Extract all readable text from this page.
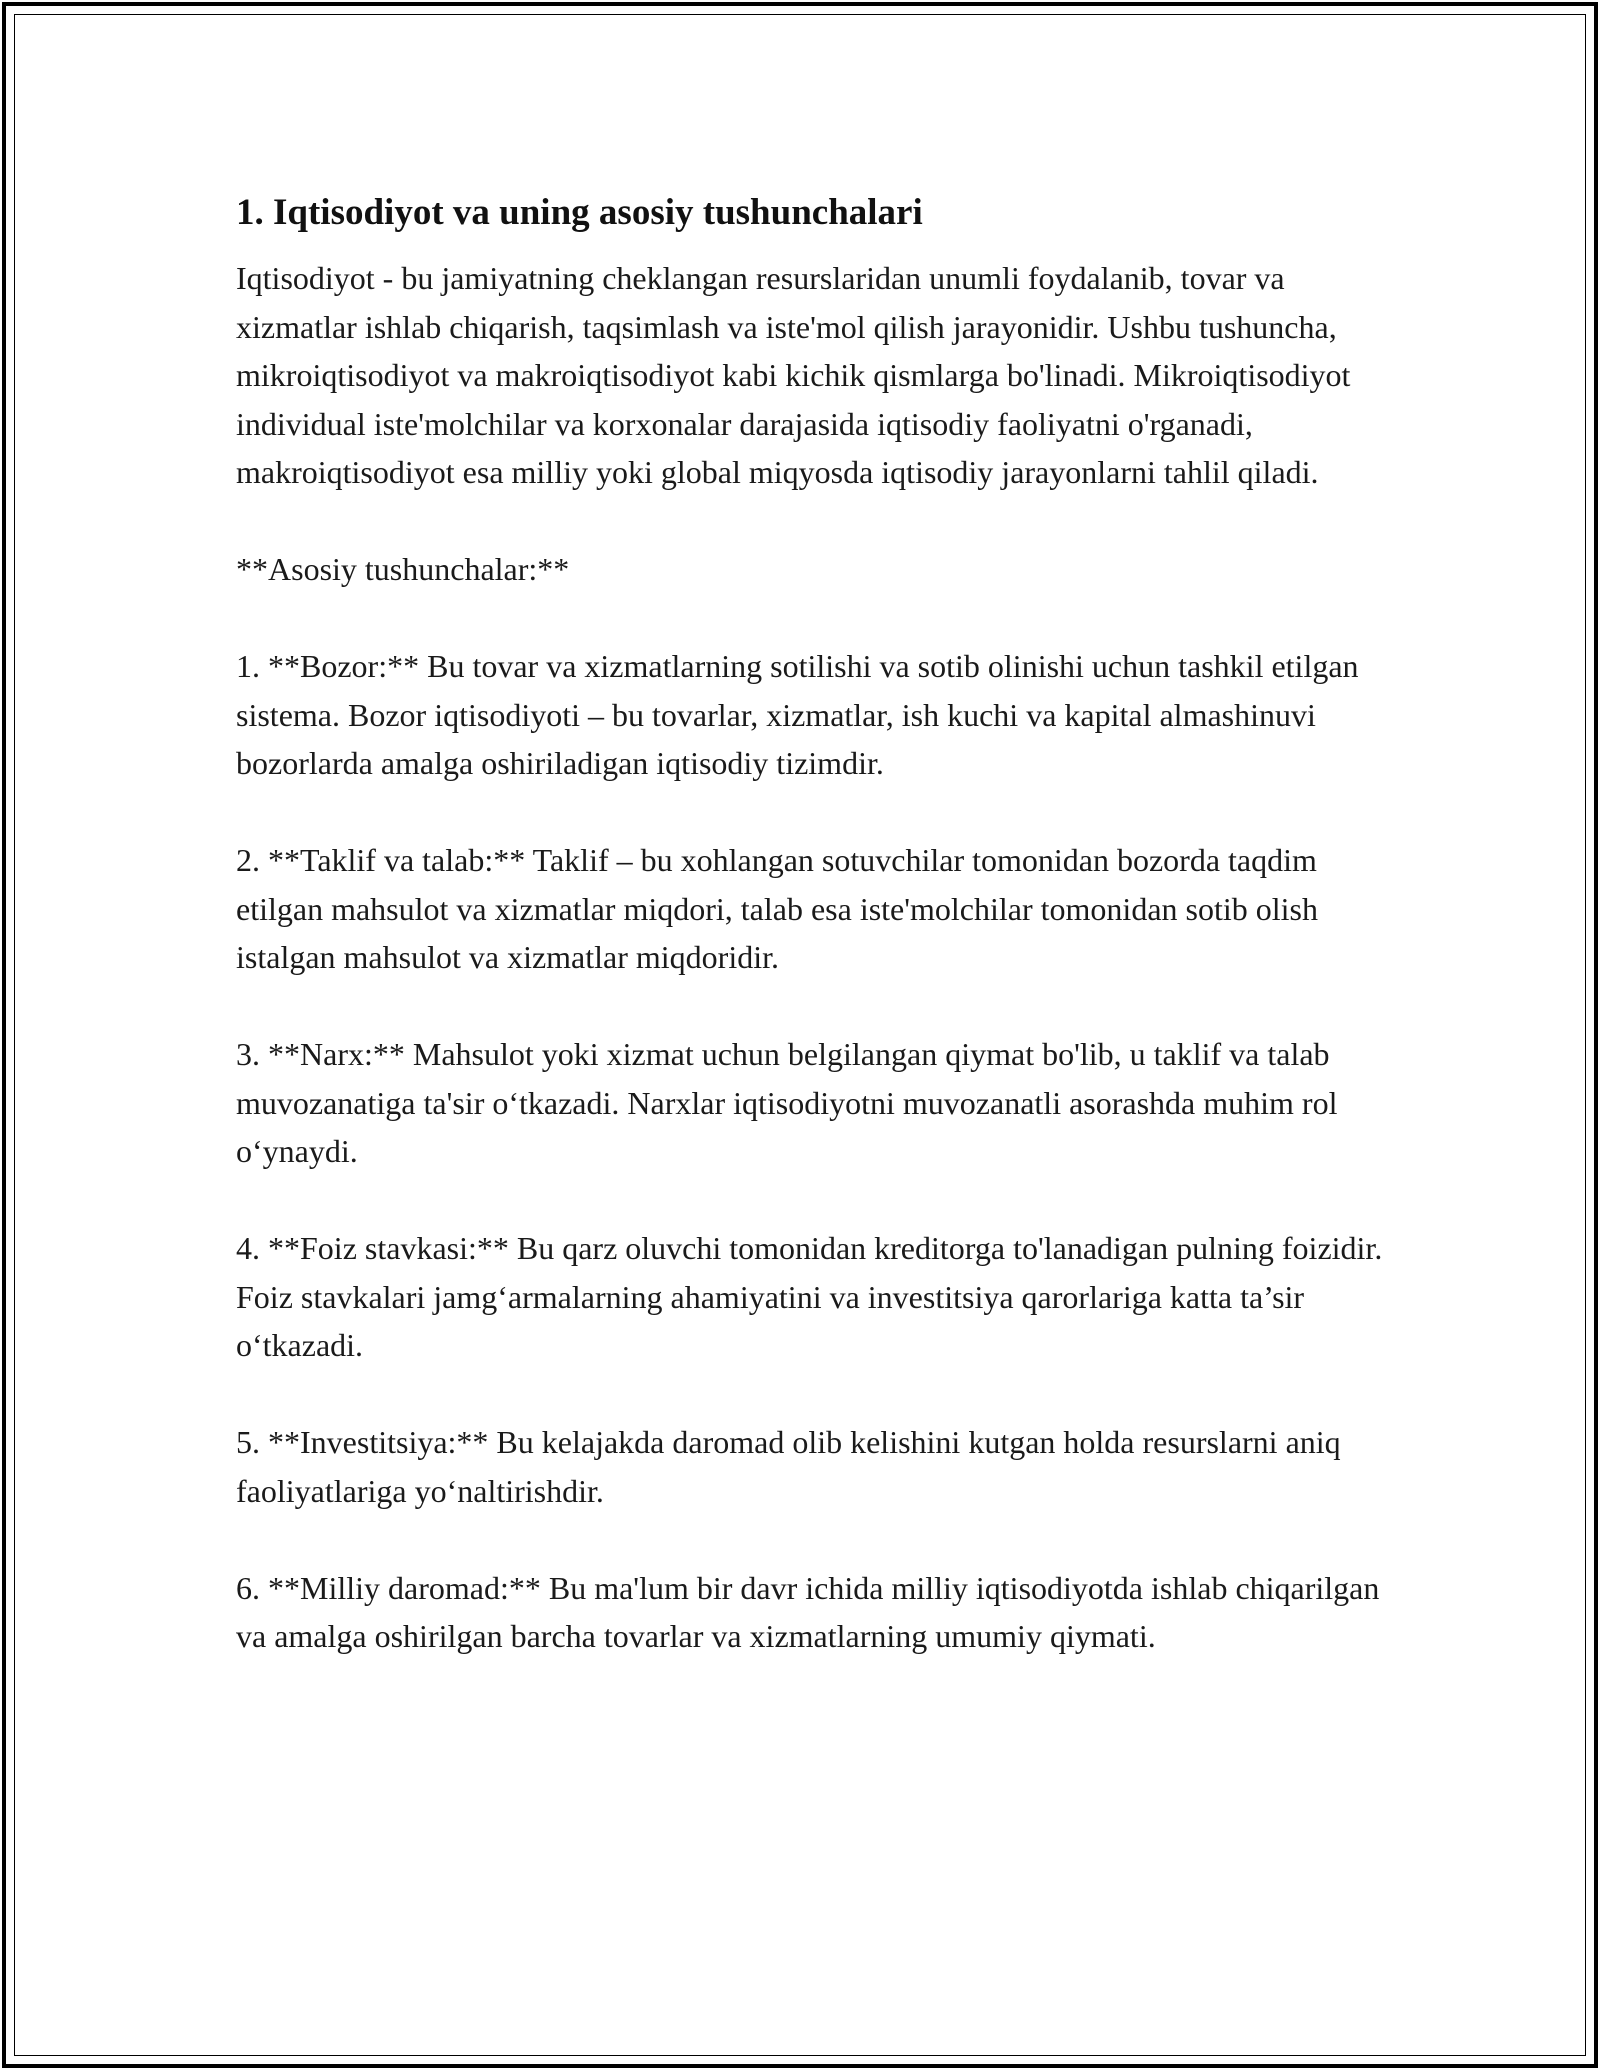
1. Iqtisodiyot va uning asosiy tushunchalari

Iqtisodiyot - bu jamiyatning cheklangan resurslaridan unumli foydalanib, tovar va xizmatlar ishlab chiqarish, taqsimlash va iste'mol qilish jarayonidir. Ushbu tushuncha, mikroiqtisodiyot va makroiqtisodiyot kabi kichik qismlarga bo'linadi. Mikroiqtisodiyot individual iste'molchilar va korxonalar darajasida iqtisodiy faoliyatni o'rganadi, makroiqtisodiyot esa milliy yoki global miqyosda iqtisodiy jarayonlarni tahlil qiladi.

**Asosiy tushunchalar:**

1. **Bozor:** Bu tovar va xizmatlarning sotilishi va sotib olinishi uchun tashkil etilgan sistema. Bozor iqtisodiyoti – bu tovarlar, xizmatlar, ish kuchi va kapital almashinuvi bozorlarda amalga oshiriladigan iqtisodiy tizimdir.

2. **Taklif va talab:** Taklif – bu xohlangan sotuvchilar tomonidan bozorda taqdim etilgan mahsulot va xizmatlar miqdori, talab esa iste'molchilar tomonidan sotib olish istalgan mahsulot va xizmatlar miqdoridir.

3. **Narx:** Mahsulot yoki xizmat uchun belgilangan qiymat bo'lib, u taklif va talab muvozanatiga ta'sir o‘tkazadi. Narxlar iqtisodiyotni muvozanatli asorashda muhim rol o‘ynaydi.

4. **Foiz stavkasi:** Bu qarz oluvchi tomonidan kreditorga to'lanadigan pulning foizidir. Foiz stavkalari jamg‘armalarning ahamiyatini va investitsiya qarorlariga katta ta’sir o‘tkazadi.

5. **Investitsiya:** Bu kelajakda daromad olib kelishini kutgan holda resurslarni aniq faoliyatlariga yo‘naltirishdir.

6. **Milliy daromad:** Bu ma'lum bir davr ichida milliy iqtisodiyotda ishlab chiqarilgan va amalga oshirilgan barcha tovarlar va xizmatlarning umumiy qiymati.
